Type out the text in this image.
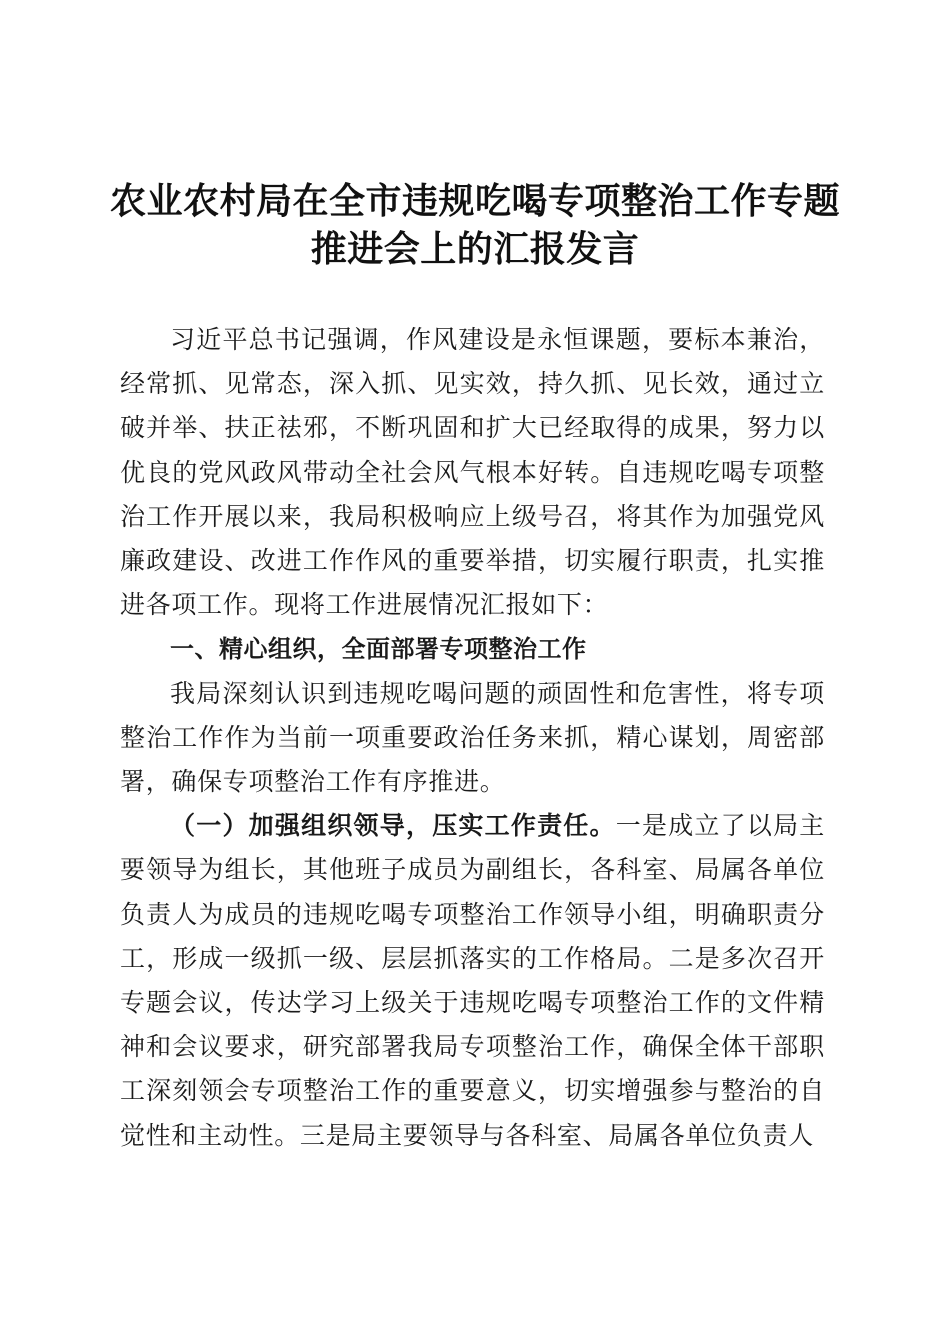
农业农村局在全市违规吃喝专项整治工作专题
推进会上的汇报发言

习近平总书记强调，作风建设是永恒课题，要标本兼治，经常抓、见常态，深入抓、见实效，持久抓、见长效，通过立破并举、扶正祛邪，不断巩固和扩大已经取得的成果，努力以优良的党风政风带动全社会风气根本好转。自违规吃喝专项整治工作开展以来，我局积极响应上级号召，将其作为加强党风廉政建设、改进工作作风的重要举措，切实履行职责，扎实推进各项工作。现将工作进展情况汇报如下：

一、精心组织，全面部署专项整治工作

我局深刻认识到违规吃喝问题的顽固性和危害性，将专项整治工作作为当前一项重要政治任务来抓，精心谋划，周密部署，确保专项整治工作有序推进。

（一）加强组织领导，压实工作责任。一是成立了以局主要领导为组长，其他班子成员为副组长，各科室、局属各单位负责人为成员的违规吃喝专项整治工作领导小组，明确职责分工，形成一级抓一级、层层抓落实的工作格局。二是多次召开专题会议，传达学习上级关于违规吃喝专项整治工作的文件精神和会议要求，研究部署我局专项整治工作，确保全体干部职工深刻领会专项整治工作的重要意义，切实增强参与整治的自觉性和主动性。三是局主要领导与各科室、局属各单位负责人
